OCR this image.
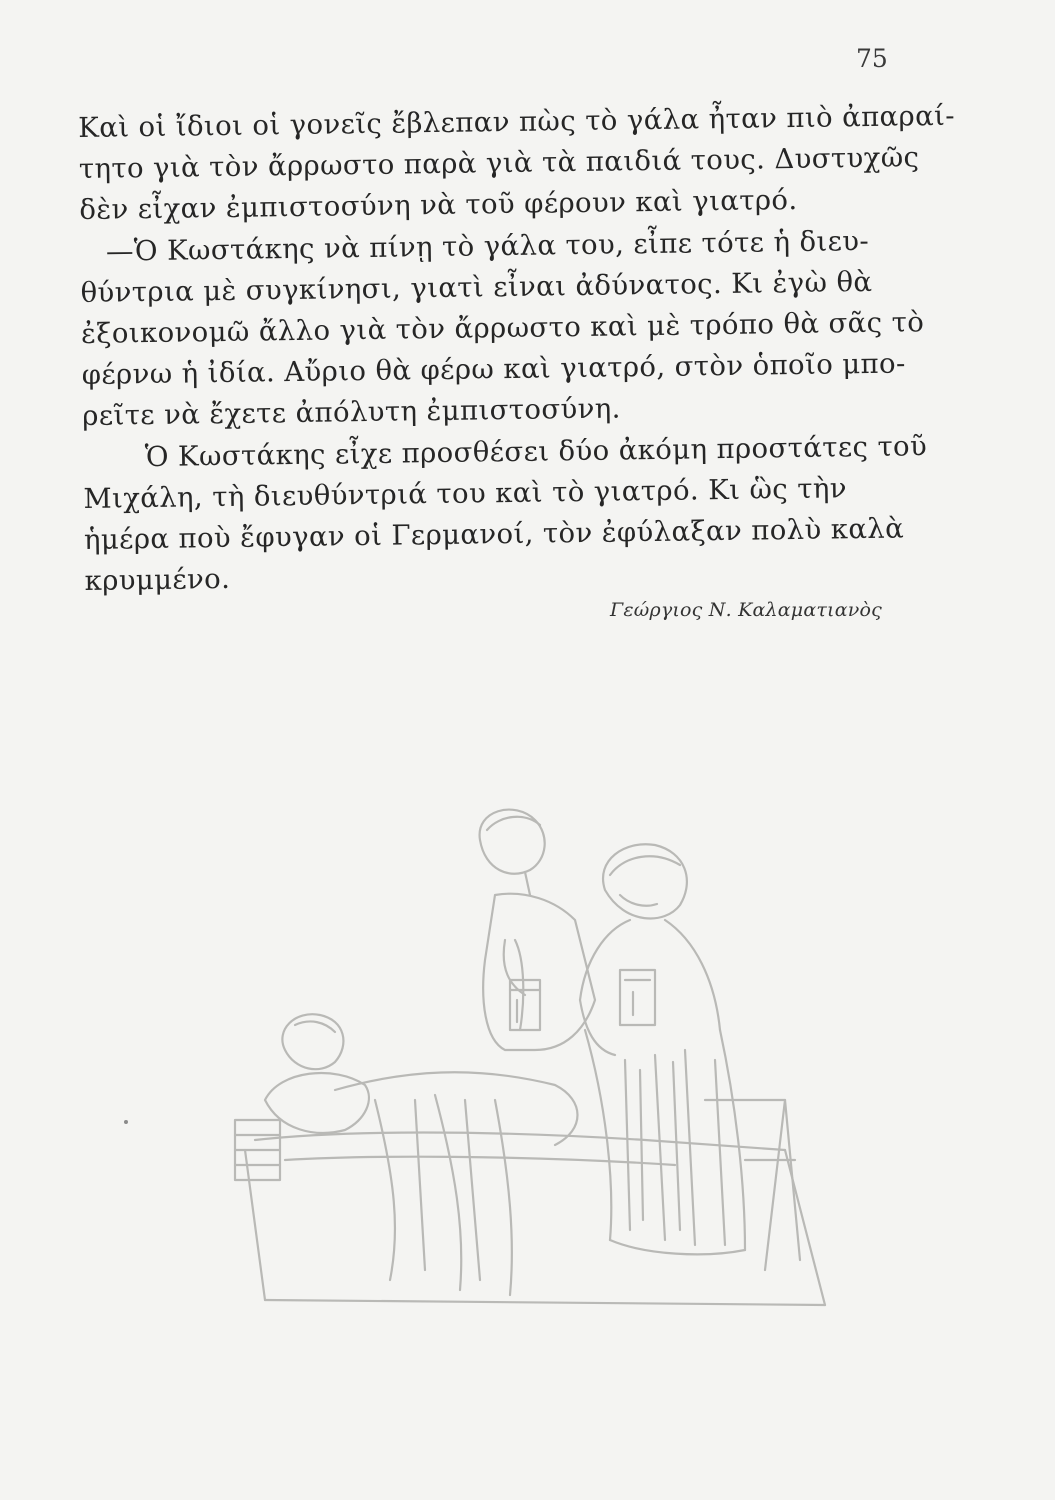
75
Καὶ οἱ ἴδιοι οἱ γονεῖς ἔβλεπαν πὼς τὸ γάλα ἦταν πιὸ ἀπαραί-
τητο γιὰ τὸν ἄρρωστο παρὰ γιὰ τὰ παιδιά τους. Δυστυχῶς
δὲν εἶχαν ἐμπιστοσύνη νὰ τοῦ φέρουν καὶ γιατρό.
—Ὁ Κωστάκης νὰ πίνῃ τὸ γάλα του, εἶπε τότε ἡ διευ-
θύντρια μὲ συγκίνησι, γιατὶ εἶναι ἀδύνατος. Κι ἐγὼ θὰ
ἐξοικονομῶ ἄλλο γιὰ τὸν ἄρρωστο καὶ μὲ τρόπο θὰ σᾶς τὸ
φέρνω ἡ ἰδία. Αὔριο θὰ φέρω καὶ γιατρό, στὸν ὁποῖο μπο-
ρεῖτε νὰ ἔχετε ἀπόλυτη ἐμπιστοσύνη.
Ὁ Κωστάκης εἶχε προσθέσει δύο ἀκόμη προστάτες τοῦ
Μιχάλη, τὴ διευθύντριά του καὶ τὸ γιατρό. Κι ὣς τὴν
ἡμέρα ποὺ ἔφυγαν οἱ Γερμανοί, τὸν ἐφύλαξαν πολὺ καλὰ
κρυμμένο.
Γεώργιος Ν. Καλαματιανὸς
